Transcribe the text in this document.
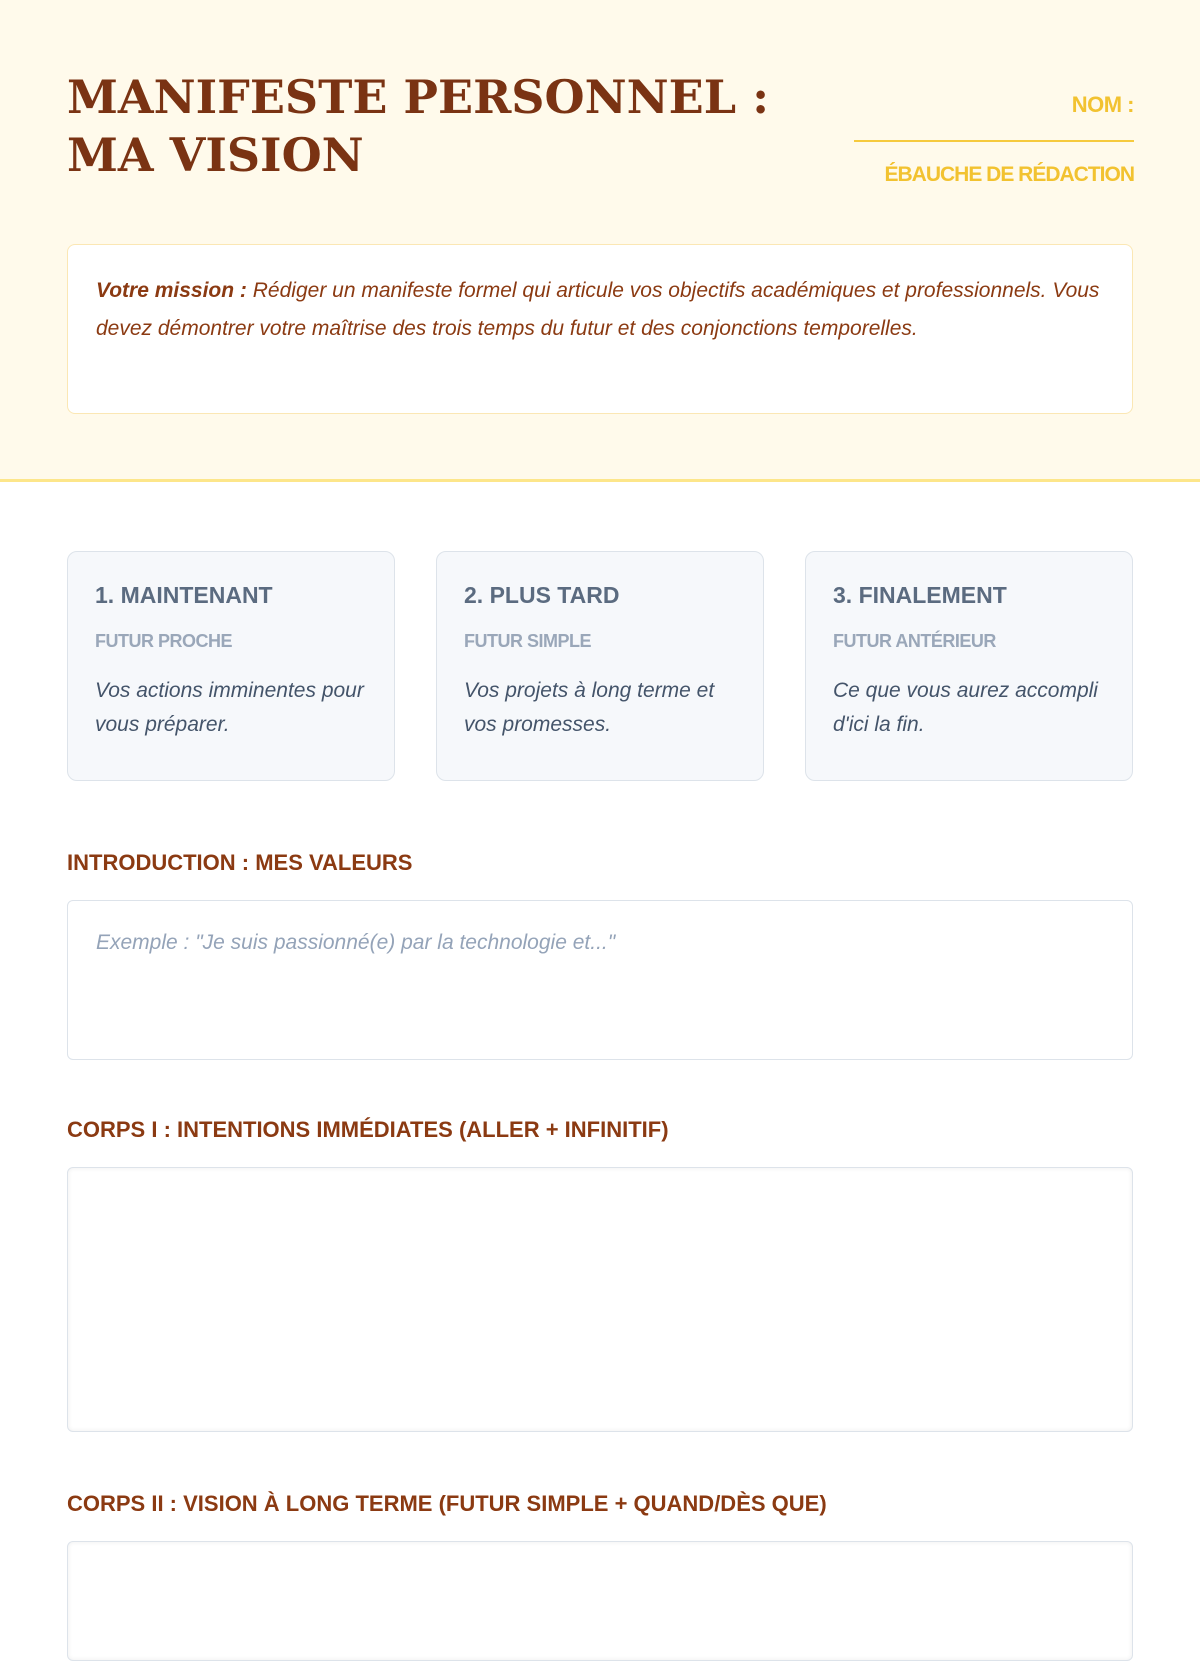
MANIFESTE PERSONNEL : MA VISION
NOM :
ÉBAUCHE DE RÉDACTION
Votre mission : Rédiger un manifeste formel qui articule vos objectifs académiques et professionnels. Vous devez démontrer votre maîtrise des trois temps du futur et des conjonctions temporelles.
1. MAINTENANT
FUTUR PROCHE
Vos actions imminentes pour vous préparer.
2. PLUS TARD
FUTUR SIMPLE
Vos projets à long terme et vos promesses.
3. FINALEMENT
FUTUR ANTÉRIEUR
Ce que vous aurez accompli d'ici la fin.
INTRODUCTION : MES VALEURS
Exemple : "Je suis passionné(e) par la technologie et..."
CORPS I : INTENTIONS IMMÉDIATES (ALLER + INFINITIF)
CORPS II : VISION À LONG TERME (FUTUR SIMPLE + QUAND/DÈS QUE)
